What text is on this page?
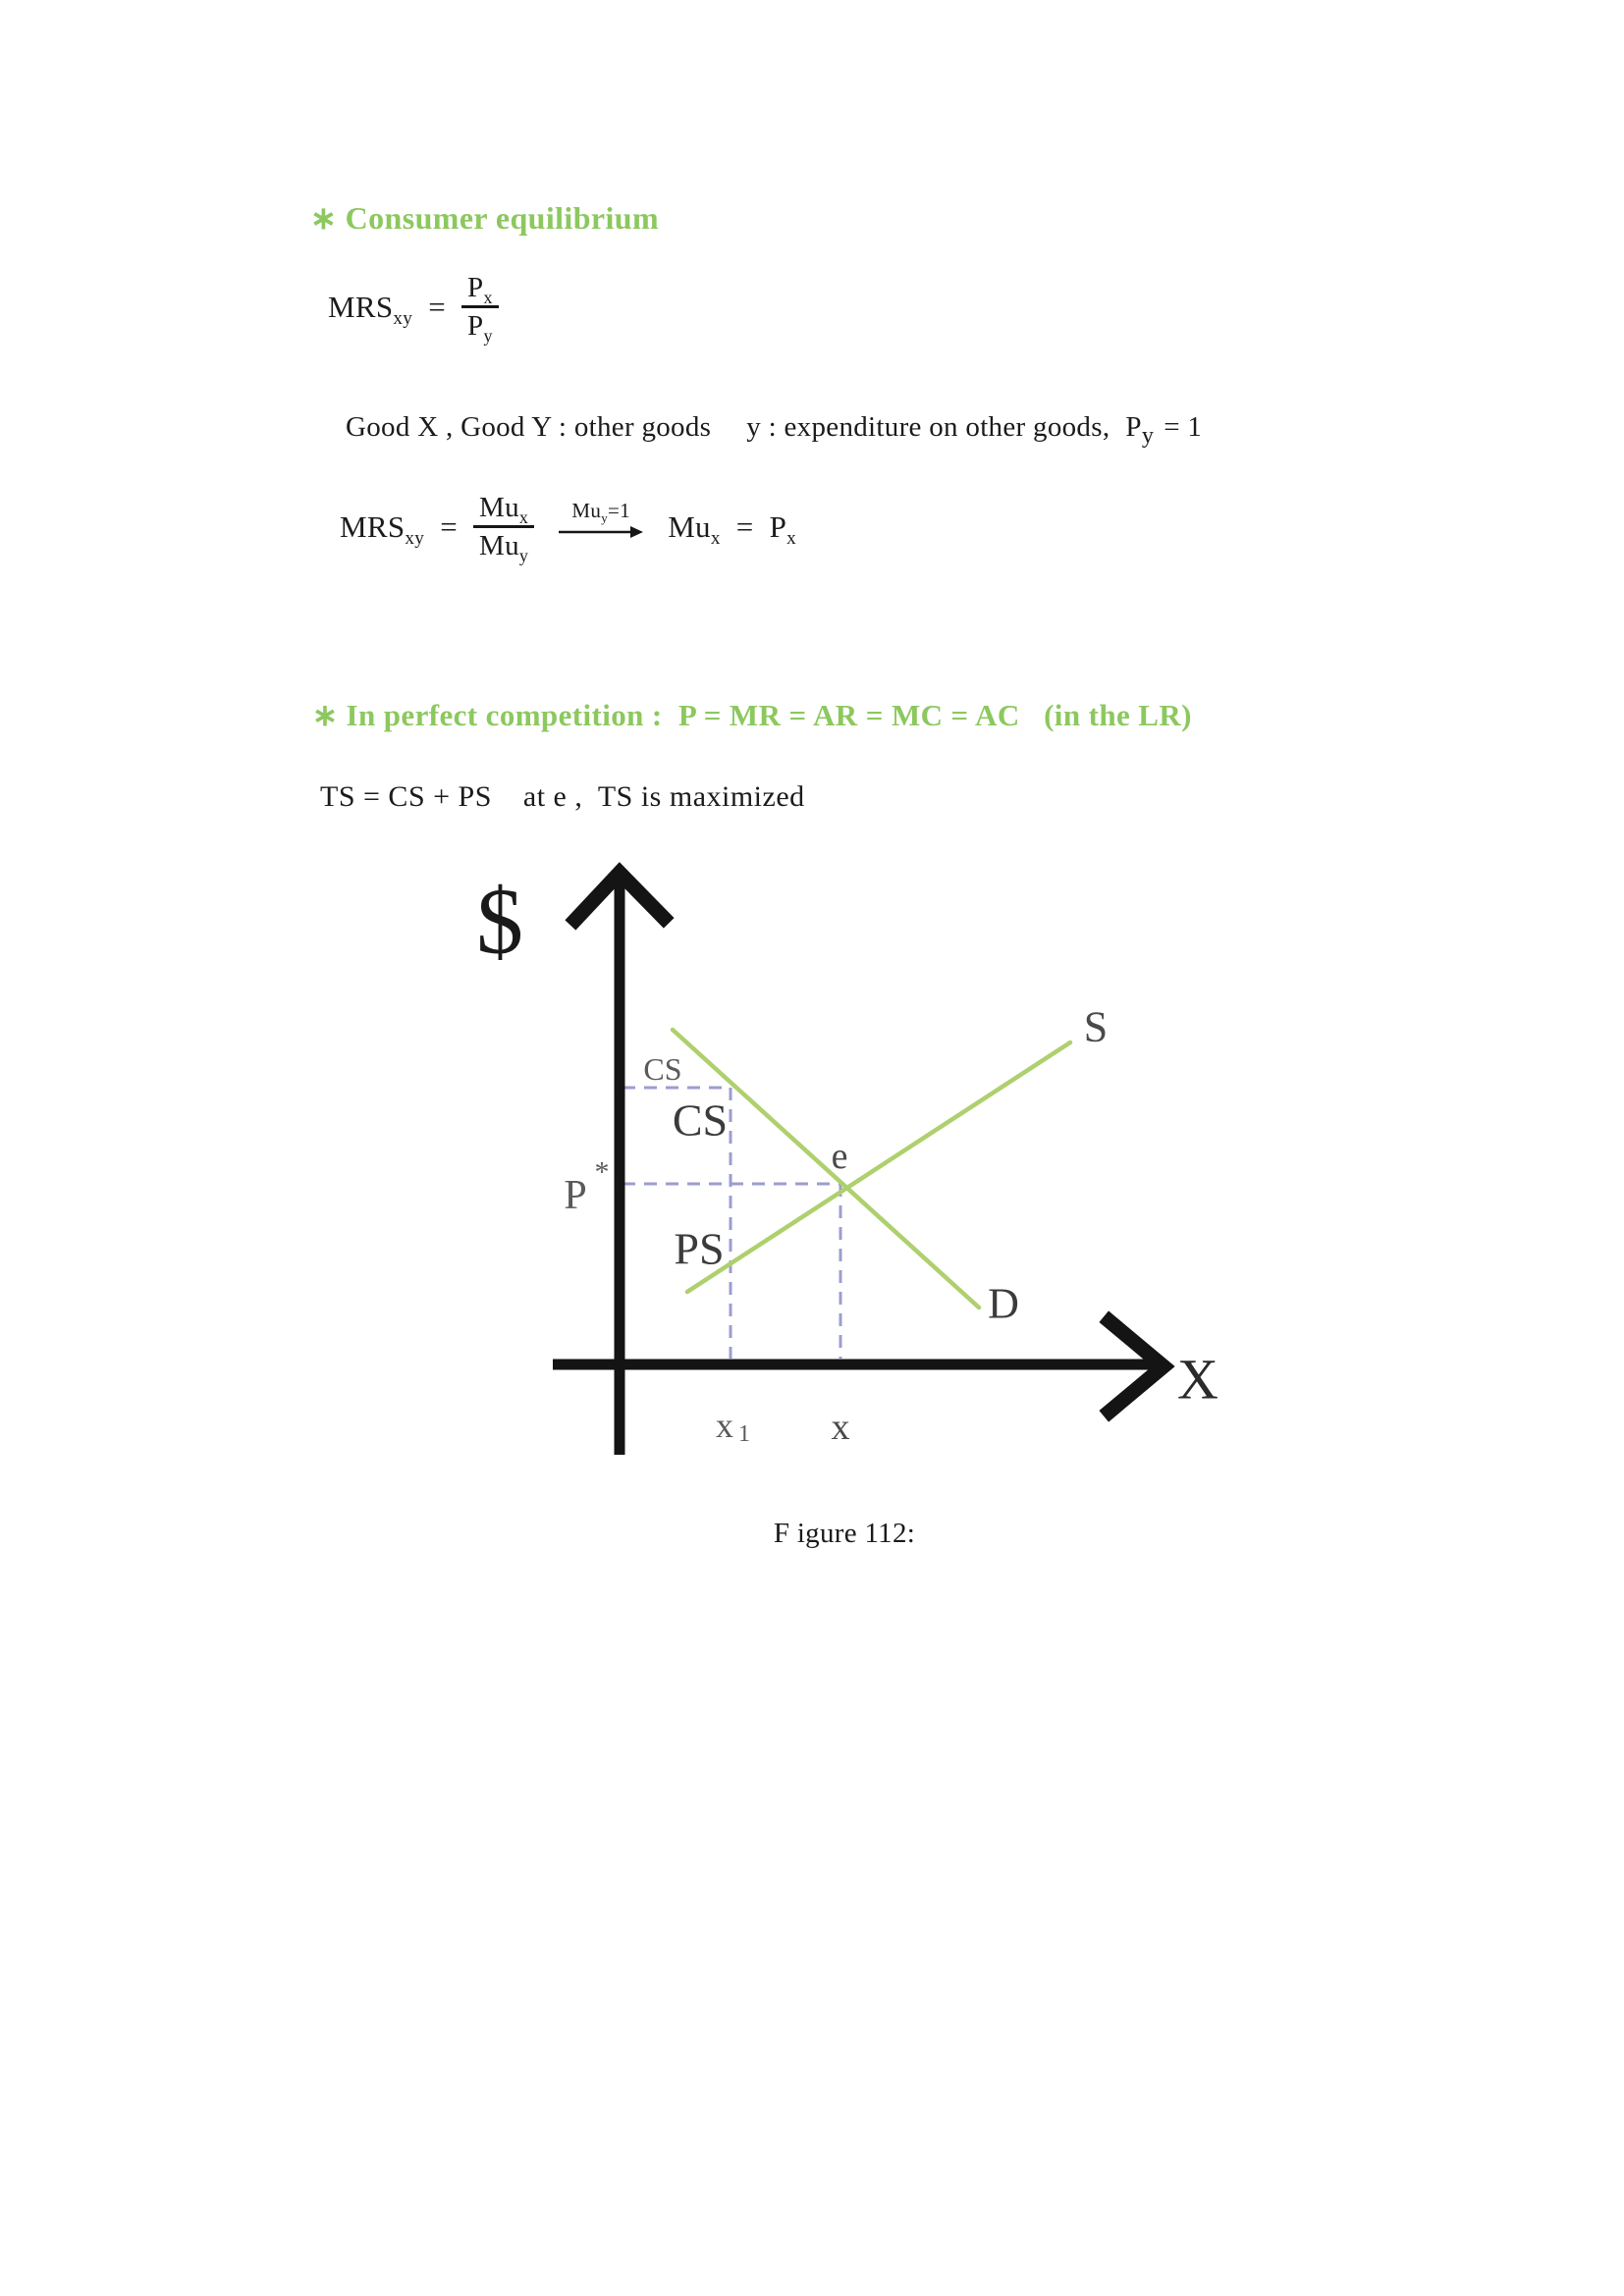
∗ Consumer equilibrium
$MRS_{xy} = \frac{P_x}{P_y}$
Good X , Good Y : other goods y : expenditure on other goods, $P_y = 1$
$MRS_{xy} = \frac{Mu_x}{Mu_y} Mu_y=1$ $Mu_x = P_x$
∗ In perfect competition :  P = MR = AR = MC = AC   (in the LR)
TS = CS + PS    at e ,  TS is maximized
$
X
S
D
e
CS
CS
PS
P
*
x 1 x
F igure 112:
